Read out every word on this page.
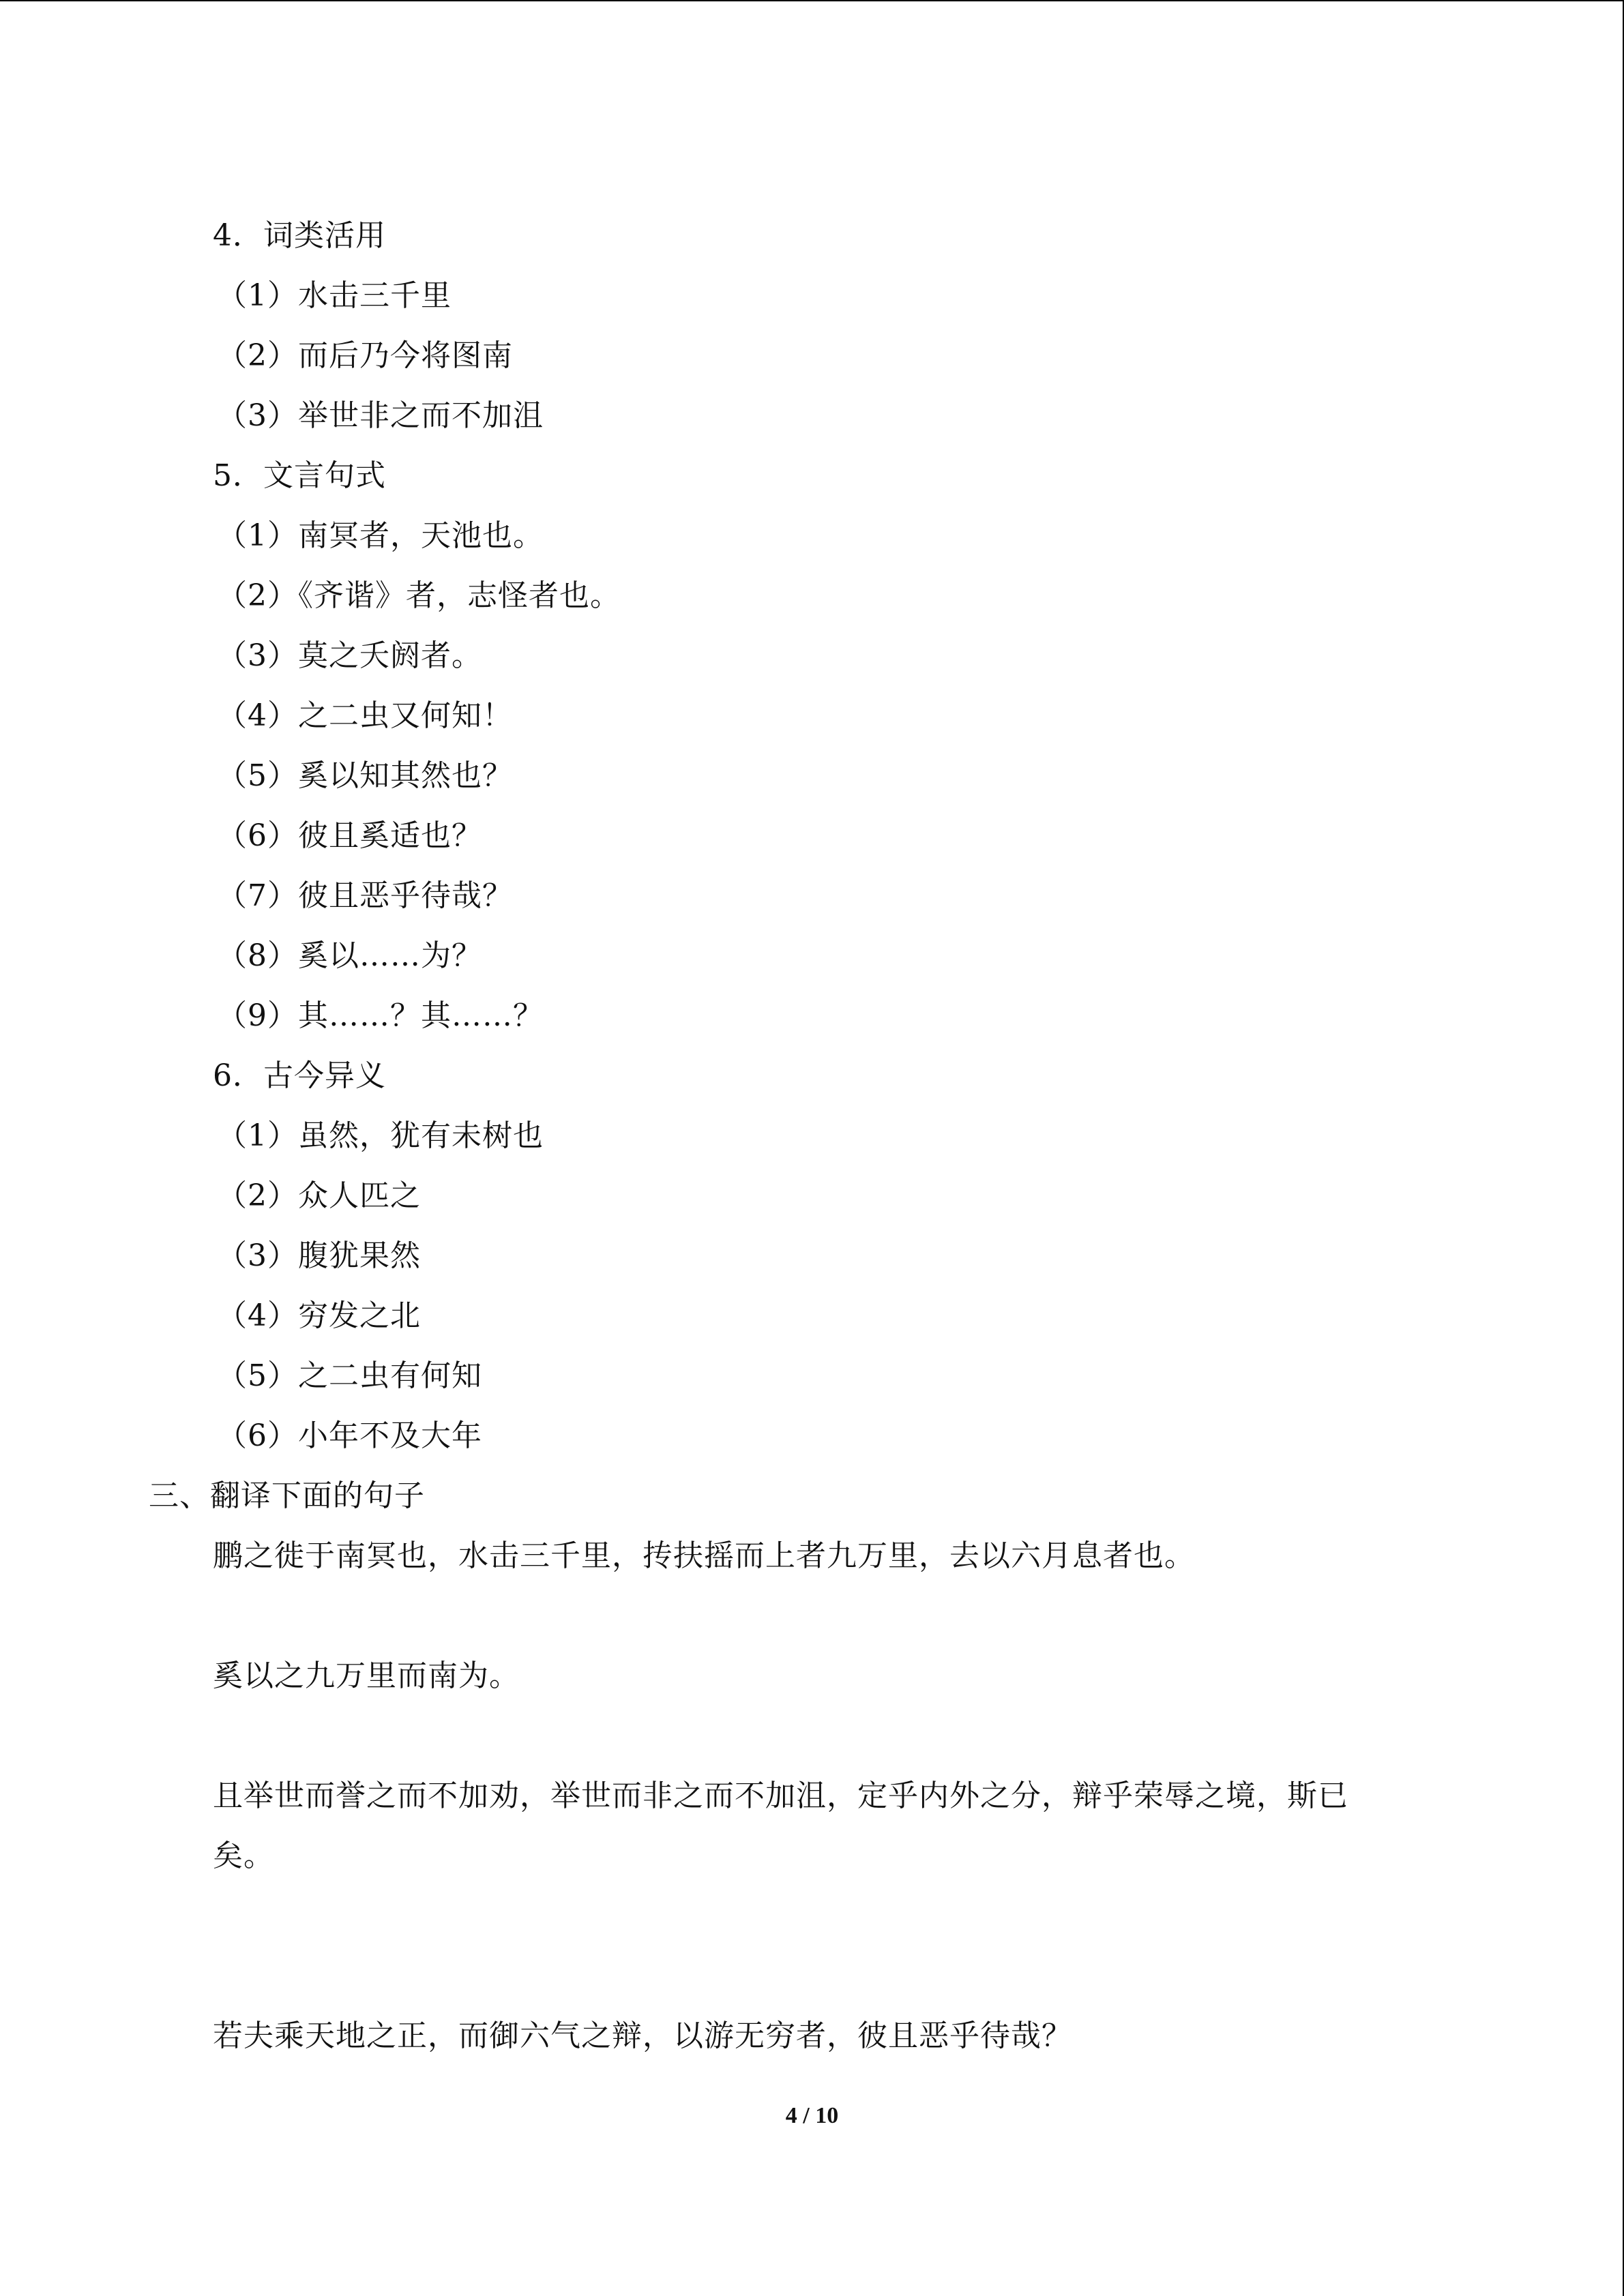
4．词类活用
（1）水击三千里
（2）而后乃今将图南
（3）举世非之而不加沮
5．文言句式
（1）南冥者，天池也。
（2）《齐谐》者，志怪者也。
（3）莫之夭阏者。
（4）之二虫又何知！
（5）奚以知其然也？
（6）彼且奚适也？
（7）彼且恶乎待哉？
（8）奚以……为？
（9）其……？其……？
6．古今异义
（1）虽然，犹有未树也
（2）众人匹之
（3）腹犹果然
（4）穷发之北
（5）之二虫有何知
（6）小年不及大年
三、翻译下面的句子
鹏之徙于南冥也，水击三千里，抟扶摇而上者九万里，去以六月息者也。
奚以之九万里而南为。
且举世而誉之而不加劝，举世而非之而不加沮，定乎内外之分，辩乎荣辱之境，斯已
矣。
若夫乘天地之正，而御六气之辩，以游无穷者，彼且恶乎待哉？
4 / 10
